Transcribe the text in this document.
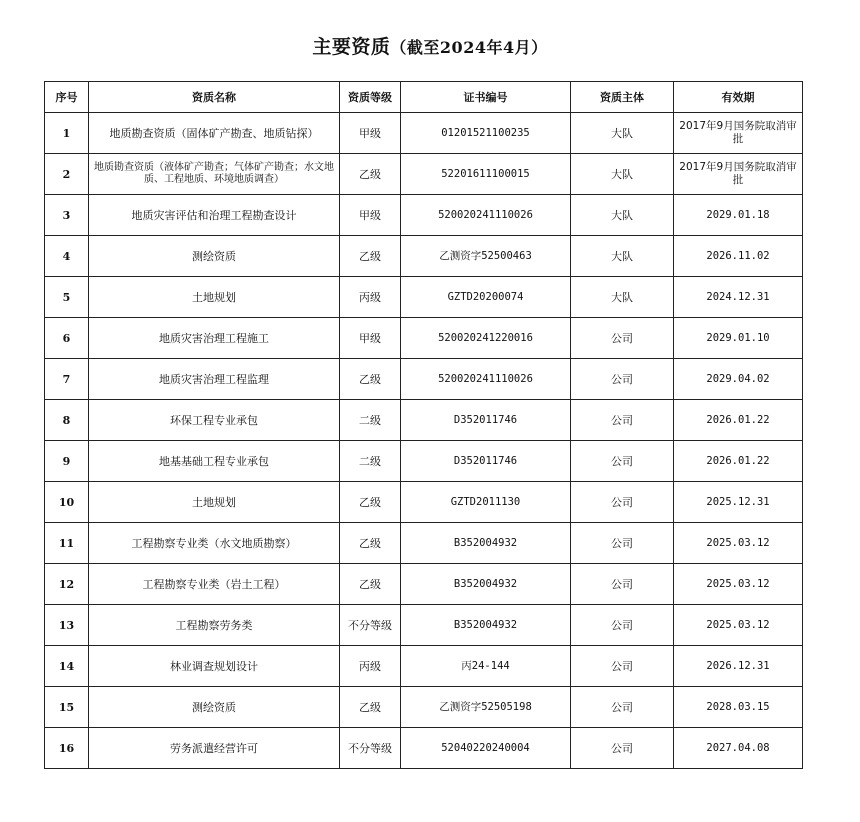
主要资质（截至2024年4月）
序号	资质名称	资质等级	证书编号	资质主体	有效期
1	地质勘查资质（固体矿产勘查、地质钻探）	甲级	01201521100235	大队	2017年9月国务院取消审批
2	地质勘查资质（液体矿产勘查；气体矿产勘查；水文地质、工程地质、环境地质调查）	乙级	52201611100015	大队	2017年9月国务院取消审批
3	地质灾害评估和治理工程勘查设计	甲级	520020241110026	大队	2029.01.18
4	测绘资质	乙级	乙测资字52500463	大队	2026.11.02
5	土地规划	丙级	GZTD20200074	大队	2024.12.31
6	地质灾害治理工程施工	甲级	520020241220016	公司	2029.01.10
7	地质灾害治理工程监理	乙级	520020241110026	公司	2029.04.02
8	环保工程专业承包	二级	D352011746	公司	2026.01.22
9	地基基础工程专业承包	二级	D352011746	公司	2026.01.22
10	土地规划	乙级	GZTD2011130	公司	2025.12.31
11	工程勘察专业类（水文地质勘察）	乙级	B352004932	公司	2025.03.12
12	工程勘察专业类（岩土工程）	乙级	B352004932	公司	2025.03.12
13	工程勘察劳务类	不分等级	B352004932	公司	2025.03.12
14	林业调查规划设计	丙级	丙24-144	公司	2026.12.31
15	测绘资质	乙级	乙测资字52505198	公司	2028.03.15
16	劳务派遣经营许可	不分等级	52040220240004	公司	2027.04.08
